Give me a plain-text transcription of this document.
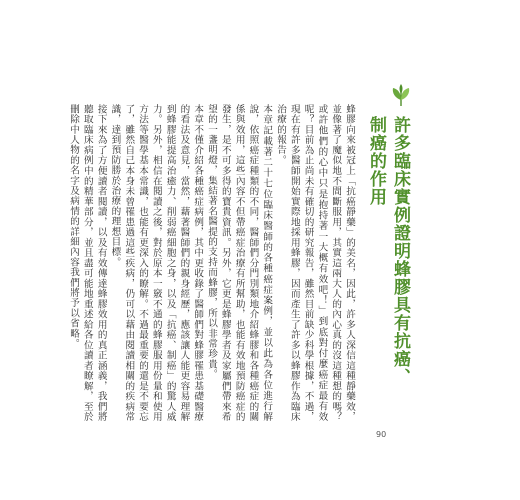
許多臨床實例證明蜂膠具有抗癌、
制癌的作用

蜂膠向來被冠上「抗癌靜藥」的美名，因此，許多人深信這種靜藥效，並像著了魔似地不間斷服用，其實這兩大人的內心真的沒這種想的嗎？或許他們的心中只是抱持著一大概有效吧！」到底對付麼癌症最有效呢？目前為止尚未有確切的研究報告，雖然目前缺少科學根據，不過，現在有許多醫師開始實際地採用蜂膠，因而產生了許多以蜂膠作為臨床治療的報告。

本章記載著二十七位臨床醫師的各種癌症案例，並以此為各位進行解說，依照癌症種類的不同，醫師們分門別類地介紹蜂膠和各種癌症的關係與效用，這些內容不但帶癌症治療有所幫助，也能有效地預防癌症的發生，是不可多得的寶貴資訊。另外，它更是蜂膠學者及家屬們帶來希望的一盞明燈，集結著名醫提的支持而蜂膠，所以非常珍貴。

本章不僅介紹各種癌症病例，其中更收錄了醫師們對蜂膠罹患基礎醫療的看法及意見，當然，藉著醫師們的親身經歷，應該讓人能更容易理解到蜂膠能提高治癒力、削弱癌細胞之身，以及「抗癌、制癌」的驚人威力。另外，相信在閱讀之後，對於原本一竅不通的蜂膠服用份量和使用方法等醫學基本常識，也能有更深入的瞭解。不過最重要的還是不要忘了，雖然自己本身未曾罹患過這些疾病，仍可以藉由閱讀相關的疾病常識，達到預防勝於治療的理想目標。

接下來為了方便讀者閱讀，以及有效傳達蜂膠效用的真正涵義，我們將聽取臨床病例中的精華部分，並且盡可能地重述給各位讀者瞭解，至於刪除中人物的名字及病情的詳細內容我們將予以省略。

90
